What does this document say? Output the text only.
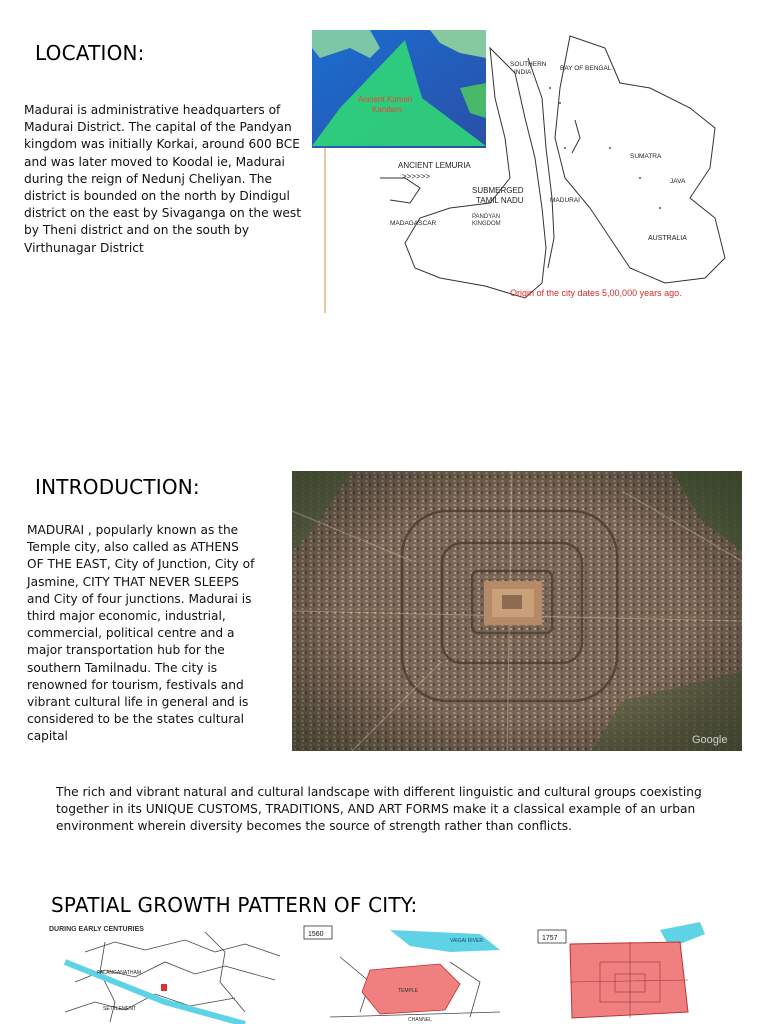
LOCATION:
Madurai is administrative headquarters of Madurai District. The capital of the Pandyan kingdom was initially Korkai, around 600 BCE and was later moved to Koodal ie, Madurai during the reign of Nedunj Cheliyan. The district is bounded on the north by Dindigul district on the east by Sivaganga on the west by Theni district and on the south by Virthunagar District
Ancient Kumari
Kandam
SOUTHERN
INDIA
BAY OF BENGAL
SUMATRA
JAVA
MADAGASCAR
MADURAI
ANCIENT LEMURIA
>>>>>>
SUBMERGED
TAMIL NADU
PANDYAN
KINGDOM
AUSTRALIA
Origin of the city dates 5,00,000 years ago.
INTRODUCTION:
MADURAI , popularly known as the Temple city, also called as ATHENS OF THE EAST, City of Junction, City of Jasmine, CITY THAT NEVER SLEEPS and City of four junctions. Madurai is third major economic, industrial, commercial, political centre and a major transportation hub for the southern Tamilnadu. The city is renowned for tourism, festivals and vibrant cultural life in general and is considered to be the states cultural capital	Google
The rich and vibrant natural and cultural landscape with different linguistic and cultural groups coexisting together in its UNIQUE CUSTOMS, TRADITIONS, AND ART FORMS make it a classical example of an urban environment wherein diversity becomes the source of strength rather than conflicts.
SPATIAL GROWTH PATTERN OF CITY:
DURING EARLY CENTURIES
PALANGANATHAM
SETTLEMENT
1560
VAIGAI RIVER
TEMPLE
CHANNEL
1757
